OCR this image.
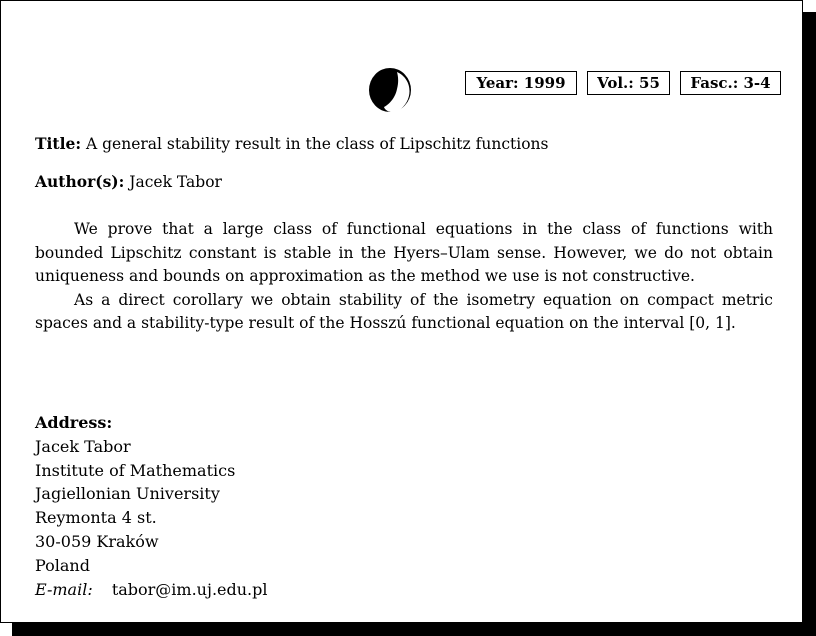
Year: 1999	Vol.: 55	Fasc.: 3-4
Title: A general stability result in the class of Lipschitz functions
Author(s): Jacek Tabor

We prove that a large class of functional equations in the class of functions with bounded Lipschitz constant is stable in the Hyers–Ulam sense. However, we do not obtain uniqueness and bounds on approximation as the method we use is not constructive.

As a direct corollary we obtain stability of the isometry equation on compact metric spaces and a stability-type result of the Hosszú functional equation on the interval [0, 1].

Address:
Jacek Tabor
Institute of Mathematics
Jagiellonian University
Reymonta 4 st.
30-059 Kraków
Poland
E-mail: tabor@im.uj.edu.pl
